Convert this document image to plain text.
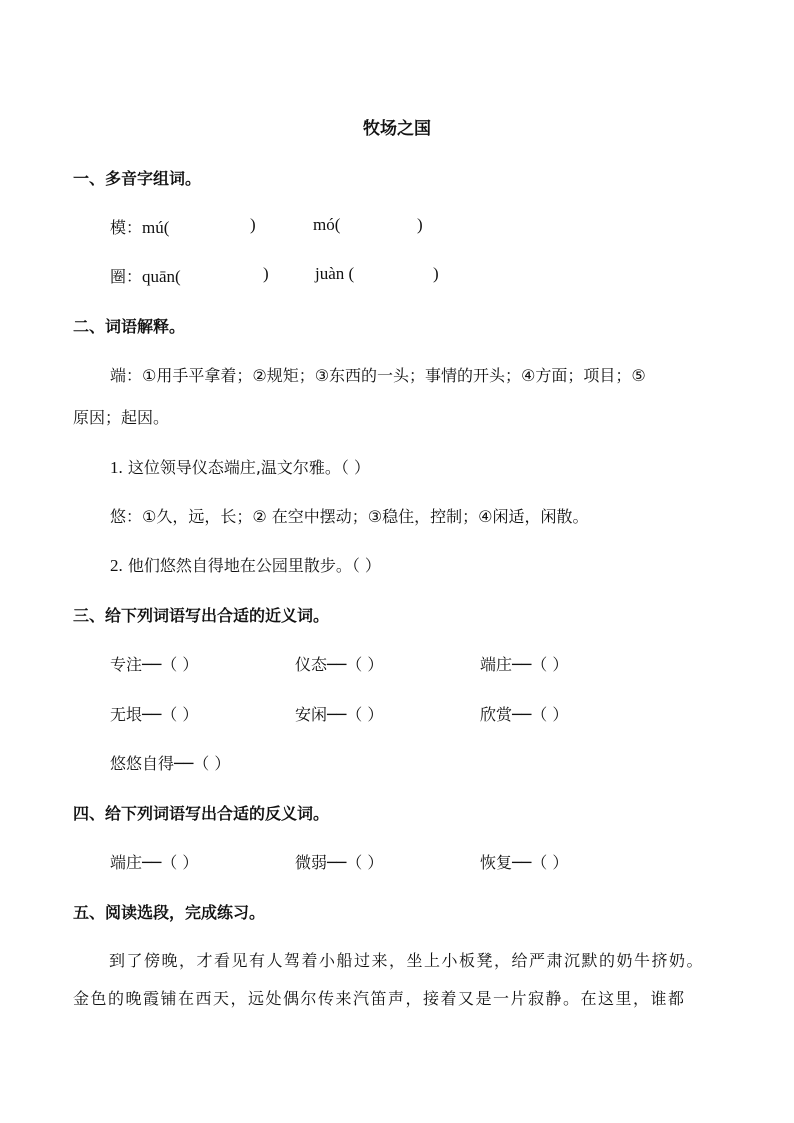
牧场之国
一、多音字组词。
模：mú(	)	mó(	)
圈：quān(	)	juàn (	)
二、词语解释。
端：①用手平拿着；②规矩；③东西的一头；事情的开头；④方面；项目；⑤
原因；起因。
1. 这位领导仪态端庄,温文尔雅。（ ）
悠：①久，远，长；② 在空中摆动；③稳住，控制；④闲适，闲散。
2. 他们悠然自得地在公园里散步。（ ）
三、给下列词语写出合适的近义词。
专注──（ ）	仪态──（ ）	端庄──（ ）
无垠──（ ）	安闲──（ ）	欣赏──（ ）
悠悠自得──（ ）
四、给下列词语写出合适的反义词。
端庄──（ ）	微弱──（ ）	恢复──（ ）
五、阅读选段，完成练习。
到了傍晚，才看见有人驾着小船过来，坐上小板凳，给严肃沉默的奶牛挤奶。
金色的晚霞铺在西天，远处偶尔传来汽笛声，接着又是一片寂静。在这里，谁都
